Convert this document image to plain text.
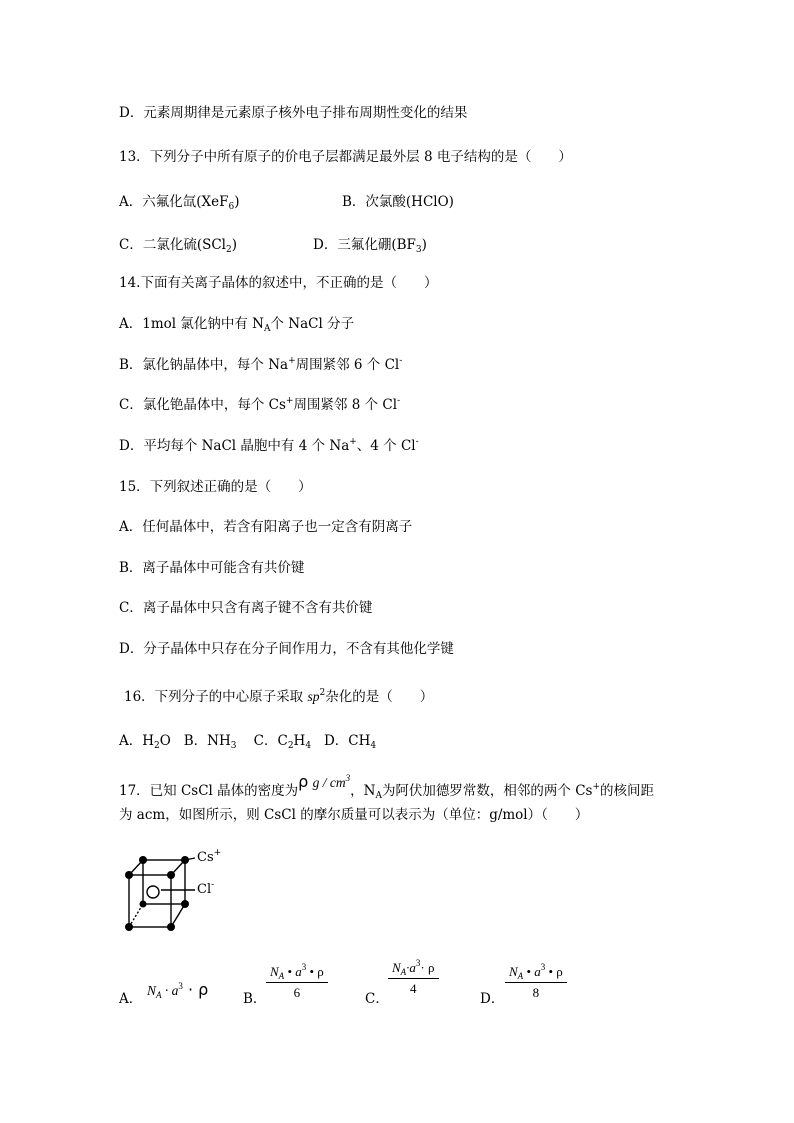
D．元素周期律是元素原子核外电子排布周期性变化的结果
13．下列分子中所有原子的价电子层都满足最外层 8 电子结构的是（　　）
A．六氟化氙(XeF$_6$)	B．次氯酸(HClO)
C．二氯化硫(SCl$_2$)	D．三氟化硼$(BF_3)$
14.下面有关离子晶体的叙述中，不正确的是（　　）
A．1mol 氯化钠中有 $N_A$个 NaCl 分子
B．氯化钠晶体中，每个 Na+周围紧邻 6 个 Cl-
C．氯化铯晶体中，每个 Cs+周围紧邻 8 个 Cl-
D．平均每个 NaCl 晶胞中有 4 个 Na+、4 个 Cl-
15．下列叙述正确的是（　　）
A．任何晶体中，若含有阳离子也一定含有阴离子
B．离子晶体中可能含有共价键
C．离子晶体中只含有离子键不含有共价键
D．分子晶体中只存在分子间作用力，不含有其他化学键
16．下列分子的中心原子采取 $sp^2$杂化的是（　　）
A．$H_2O$ B．$NH_3$ C．$C_2H_4$ D．$CH_4$
17．已知 CsCl 晶体的密度为ρ g / $cm^3$，$N_A$为阿伏加德罗常数，相邻的两个 Cs+的核间距
为 acm，如图所示，则 CsCl 的摩尔质量可以表示为（单位：g/mol）（　　）
Cs+
Cl-
A．
$N_A \cdot a^3 \cdot \rho$	B． $\frac{N_A • a^3 • \rho}{6}$	C．
$\frac{N_A\cdot a^3\cdot \rho}{4}$
D． $\frac{N_A • a^3 • \rho}{8}$
